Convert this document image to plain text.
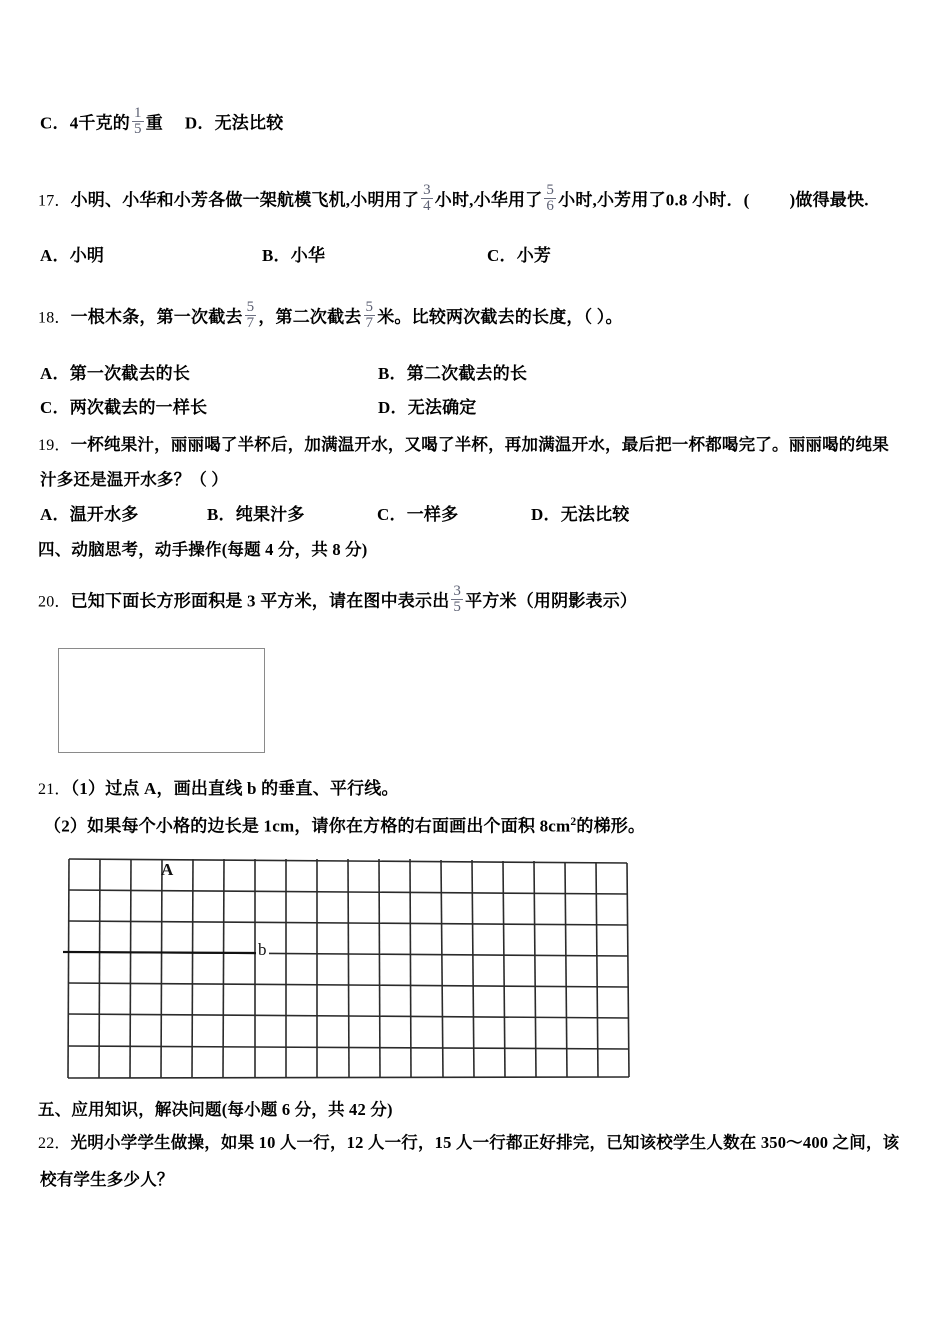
C．4千克的 $\frac{1}{5}$ 重 D．无法比较
17．小明、小华和小芳各做一架航模飞机,小明用了 $\frac{3}{4}$ 小时,小华用了 $\frac{5}{6}$ 小时,小芳用了0.8 小时．( )做得最快.
A．小明	B．小华	C．小芳
18．一根木条，第一次截去 $\frac{5}{7}$ ，第二次截去 $\frac{5}{7}$ 米。比较两次截去的长度，（ ）。
A．第一次截去的长	B．第二次截去的长
C．两次截去的一样长	D．无法确定
19．一杯纯果汁，丽丽喝了半杯后，加满温开水，又喝了半杯，再加满温开水，最后把一杯都喝完了。丽丽喝的纯果
汁多还是温开水多？（ ）
A．温开水多	B．纯果汁多	C．一样多	D．无法比较
四、动脑思考，动手操作(每题 4 分，共 8 分)
20．已知下面长方形面积是 3 平方米，请在图中表示出 $\frac{3}{5}$ 平方米（用阴影表示）
21．（1）过点 A，画出直线 b 的垂直、平行线。
（2）如果每个小格的边长是 1cm，请你在方格的右面画出个面积 $8cm^2$的梯形。
A
b
五、应用知识，解决问题(每小题 6 分，共 42 分)
22．光明小学学生做操，如果 10 人一行，12 人一行，15 人一行都正好排完，已知该校学生人数在 350～400 之间，该
校有学生多少人？
